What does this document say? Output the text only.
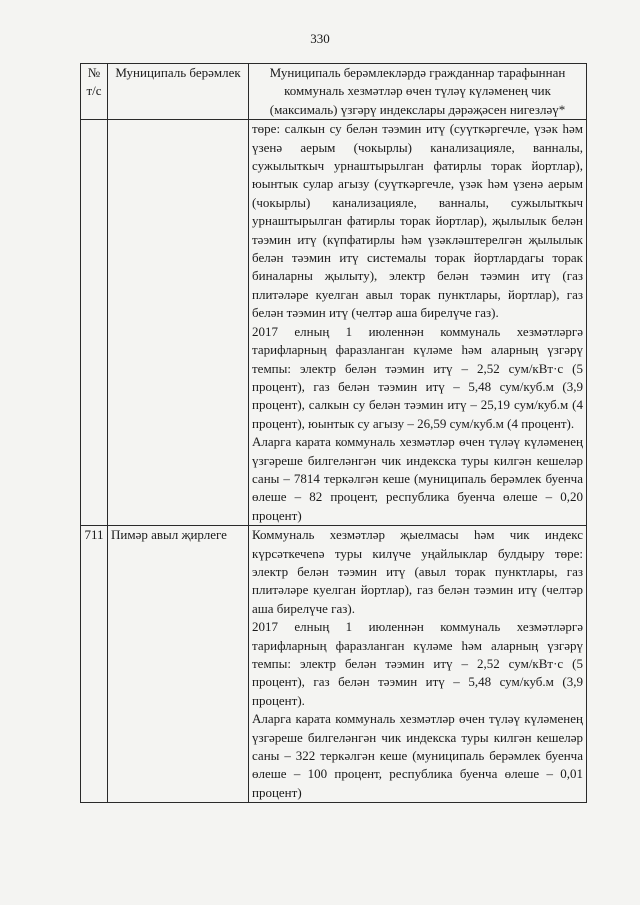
330
№ т/с	Муниципаль берәмлек	Муниципаль берәмлекләрдә гражданнар тарафыннан коммуналь хезмәтләр өчен түләү күләменең чик (максималь) үзгәрү индекслары дәрәҗәсен нигезләү*

		төре: салкын су белән тәэмин итү (суүткәргечле, үзәк һәм үзенә аерым (чокырлы) канализацияле, ванналы, сужылыткыч урнаштырылган фатирлы торак йортлар), юынтык сулар агызу (суүткәргечле, үзәк һәм үзенә аерым (чокырлы) канализацияле, ванналы, сужылыткыч урнаштырылган фатирлы торак йортлар), җылылык белән тәэмин итү (күпфатирлы һәм үзәкләштерелгән җылылык белән тәэмин итү системалы торак йортлардагы торак биналарны җылыту), электр белән тәэмин итү (газ плитәләре куелган авыл торак пунктлары, йортлар), газ белән тәэмин итү (челтәр аша бирелүче газ).

2017 елның 1 июленнән коммуналь хезмәтләргә тарифларның фаразланган күләме һәм аларның үзгәрү темпы: электр белән тәэмин итү – 2,52 сум/кВт·с (5 процент), газ белән тәэмин итү – 5,48 сум/куб.м (3,9 процент), салкын су белән тәэмин итү – 25,19 сум/куб.м (4 процент), юынтык су агызу – 26,59 сум/куб.м (4 процент).

Аларга карата коммуналь хезмәтләр өчен түләү күләменең үзгәреше билгеләнгән чик индекска туры килгән кешеләр саны – 7814 теркәлгән кеше (муниципаль берәмлек буенча өлеше – 82 процент, республика буенча өлеше – 0,20 процент)

711	Пимәр авыл җирлеге	Коммуналь хезмәтләр җыелмасы һәм чик индекс күрсәткечenә туры килүче уңайлыклар булдыру төре: электр белән тәэмин итү (авыл торак пунктлары, газ плитәләре куелган йортлар), газ белән тәэмин итү (челтәр аша бирелүче газ).

2017 елның 1 июленнән коммуналь хезмәтләргә тарифларның фаразланган күләме һәм аларның үзгәрү темпы: электр белән тәэмин итү – 2,52 сум/кВт·с (5 процент), газ белән тәэмин итү – 5,48 сум/куб.м (3,9 процент).

Аларга карата коммуналь хезмәтләр өчен түләү күләменең үзгәреше билгеләнгән чик индекска туры килгән кешеләр саны – 322 теркәлгән кеше (муниципаль берәмлек буенча өлеше – 100 процент, республика буенча өлеше – 0,01 процент)
